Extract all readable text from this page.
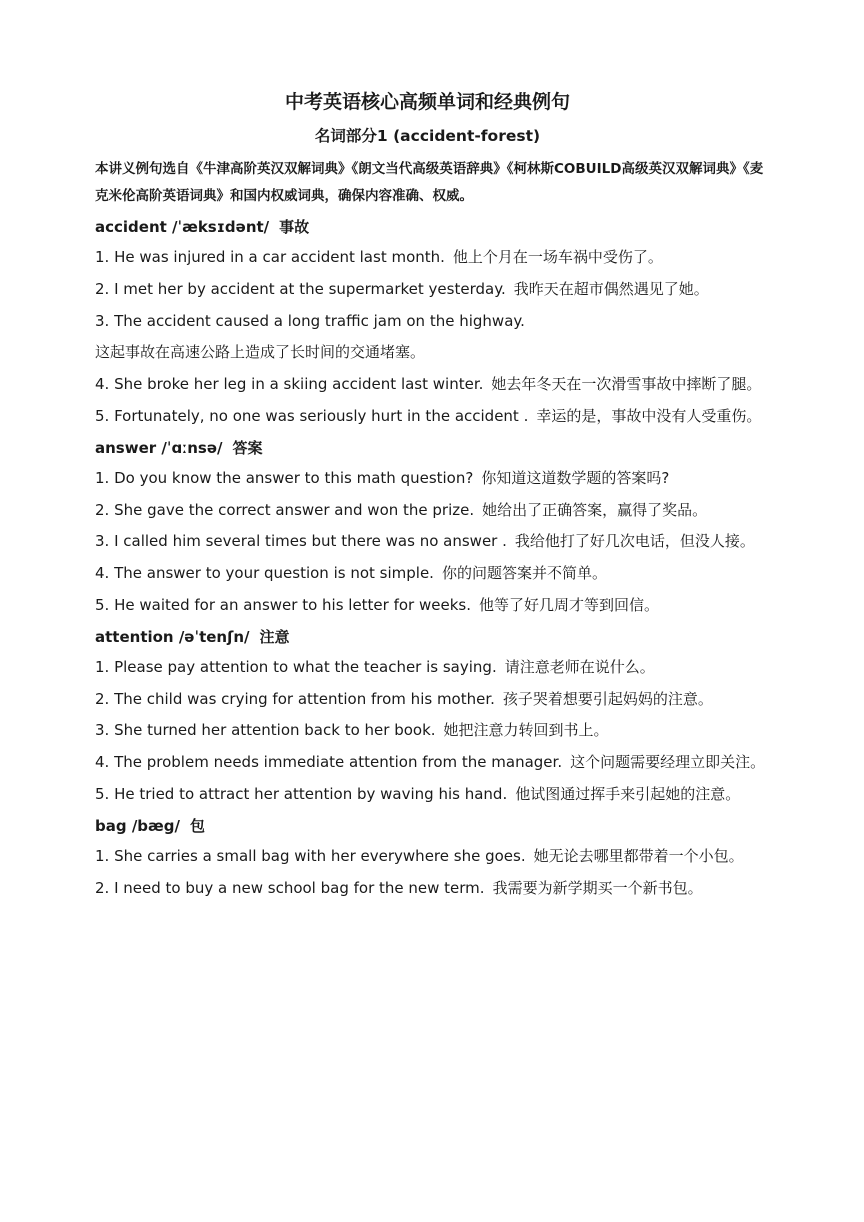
中考英语核心高频单词和经典例句
名词部分1 (accident-forest)
本讲义例句选自《牛津高阶英汉双解词典》《朗文当代高级英语辞典》《柯林斯COBUILD高级英汉双解词典》《麦克米伦高阶英语词典》和国内权威词典，确保内容准确、权威。
accident /ˈæksɪdənt/ 事故
1. He was injured in a car accident last month. 他上个月在一场车祸中受伤了。
2. I met her by accident at the supermarket yesterday. 我昨天在超市偶然遇见了她。
3. The accident caused a long traffic jam on the highway.
这起事故在高速公路上造成了长时间的交通堵塞。
4. She broke her leg in a skiing accident last winter. 她去年冬天在一次滑雪事故中摔断了腿。
5. Fortunately, no one was seriously hurt in the accident . 幸运的是，事故中没有人受重伤。
answer /ˈɑːnsə/ 答案
1. Do you know the answer to this math question? 你知道这道数学题的答案吗?
2. She gave the correct answer and won the prize. 她给出了正确答案，赢得了奖品。
3. I called him several times but there was no answer . 我给他打了好几次电话，但没人接。
4. The answer to your question is not simple. 你的问题答案并不简单。
5. He waited for an answer to his letter for weeks. 他等了好几周才等到回信。
attention /əˈtenʃn/ 注意
1. Please pay attention to what the teacher is saying. 请注意老师在说什么。
2. The child was crying for attention from his mother. 孩子哭着想要引起妈妈的注意。
3. She turned her attention back to her book. 她把注意力转回到书上。
4. The problem needs immediate attention from the manager. 这个问题需要经理立即关注。
5. He tried to attract her attention by waving his hand. 他试图通过挥手来引起她的注意。
bag /bæg/ 包
1. She carries a small bag with her everywhere she goes. 她无论去哪里都带着一个小包。
2. I need to buy a new school bag for the new term. 我需要为新学期买一个新书包。
